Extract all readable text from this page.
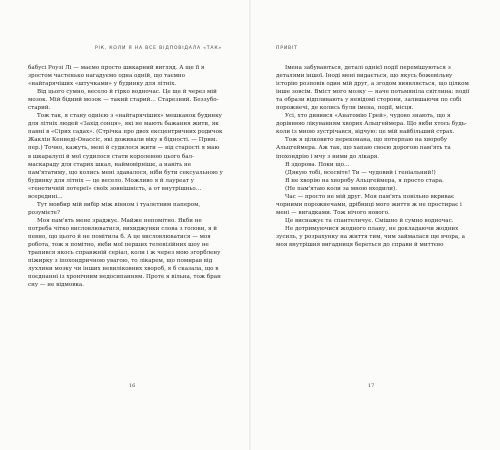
РІК, КОЛИ Я НА ВСЕ ВІДПОВІДАЛА «ТАК»

бабусі Роузі Лі — маємо просто шикарний вигляд. А ще її я зростом частенько нагадуємо одна одній, що таємно «найгарячіших «штучками» у будинку для літніх.

Від цього сумно, весело й гірко водночас. Це ще й через мій мозок. Мій бідний мозок — такий старий… Старезний. Беззубо-старий.

Тож так, я стану однією з «найгарячіших» мешканок будинку для літніх людей «Захід сонця», які не мають бажання жити, як панні в «Сірих садах». (Стрічка про двох ексцентричних родичок Жаклін Кеннеді-Онассіс, які доживали віку в бідності. — Прим. пер.) Точно, кажуть, мені й судилося жити — від старості я маю в шкаралупі й мої судилося стати королевою цього бал-маскараду для старих шкал, наймовірніше, а навіть не пам'ятатиму, що колись мені здавалося, ніби бути сексуальною у будинку для літніх — це весело. Можливо я й лауреат у «генетичній лотереї» своїх зовнішність, а от внутрішньо… всередині…

Тут мовбир мій вибір між вінном і туалетним папером, розумієте?

Моя пам'ять мене зраджує. Майже непомітно. Якби не потреба чітко висловлюватися, вихиджунки слова з голови, я й певно, що цього й не помітила б. А це висловлюватися — моя робота, тож я помітно, якби мої перших телевізійних шоу не трапився якось справжній серіал, коли і ж через мою згорблену піжирку з іпохондричною увагою, то лікарем, що помирав від лухлини мозку чи інших невиліковних хвороб, я б сказала, що в поєднанні із хронічним недосипанням. Проте я вільна, тож бран сну — не відмовка.

16
ПРИВІТ

Імена забуваються, деталі однієї події перемішуються з деталями іншої. Іноді мені видається, що якусь божевільну історію розповів один мій друг, а згодом виявляється, що цілком інше зовсім. Вміст мого мозку — наче потьмяніла світлина: події та образи відпливають у невідомі сторони, залишаючи по собі порожнечі, де колись були імена, події, місця.

Усі, хто дивився «Анатомію Грей», чудово знають, що я дорівнюю лікуванням хворих Альцгеймера. Що якби хтось будь-коли із мною зустрічався, відчую: це мій найбільший страх.

Тож я цілковито переконана, що потерпаю на хворобу Альцгеймера. Аж так, що хапаю своєю дорогою пам'ять та іпохондрію і мчу з ними до лікаря.

Я здорова. Поки що…

(Дякую тобі, всесвіте! Ти — чудовий і геніальний!)

Я не хворію на хворобу Альцгеймера, я просто стара.

(Не пам'ятаю коли за мною входили).

Час — просто не мій друг. Моя пам'ять повільно вкриває чорними порожнечами, дрібниці мого життя ж не простирає і мені — вигадками. Тож нічого нового.

Це виснажує та спантеличує. Смішно й сумно водночас.

Не дотримуючися жодного плану, не докладаючи жодних зусиль, у розрахунку на життя тим, чим займалася ще вчора, а моя внутрішня вигадниця береться до справи й миттєво

17
